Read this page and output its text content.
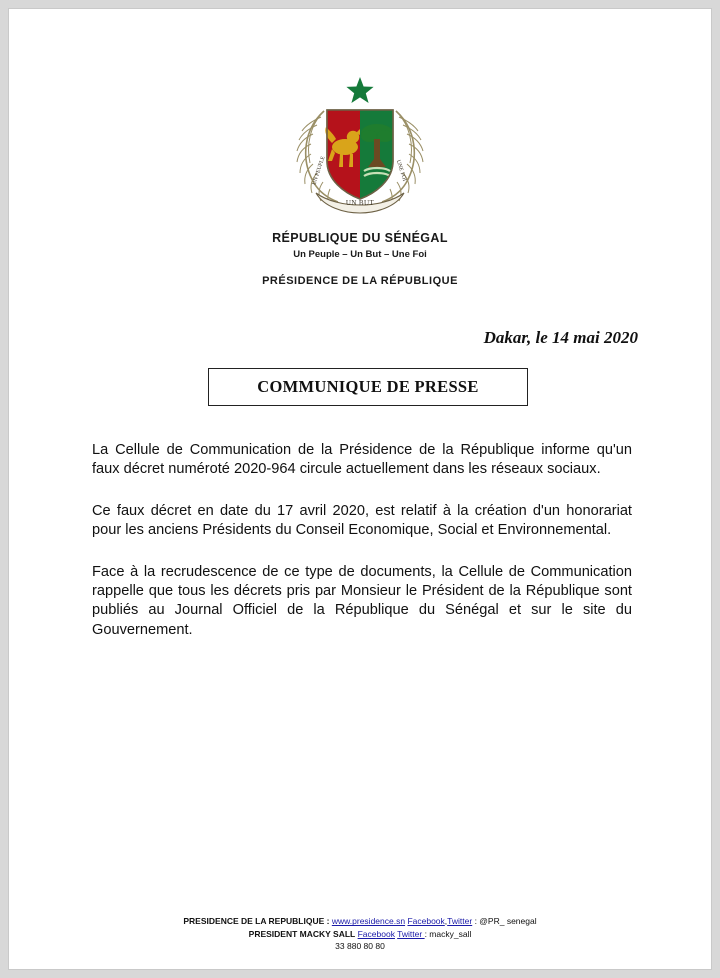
UN BUT
UN PEUPLE	UNE FOI
RÉPUBLIQUE DU SÉNÉGAL
Un Peuple – Un But – Une Foi
PRÉSIDENCE DE LA RÉPUBLIQUE
Dakar, le 14 mai 2020
COMMUNIQUE DE PRESSE

La Cellule de Communication de la Présidence de la République informe qu'un faux décret numéroté 2020-964 circule actuellement dans les réseaux sociaux.

Ce faux décret en date du 17 avril 2020, est relatif à la création d'un honorariat pour les anciens Présidents du Conseil Economique, Social et Environnemental.

Face à la recrudescence de ce type de documents, la Cellule de Communication rappelle que tous les décrets pris par Monsieur le Président de la République sont publiés au Journal Officiel de la République du Sénégal et sur le site du Gouvernement.

PRESIDENCE DE LA REPUBLIQUE : www.presidence.sn Facebook,Twitter : @PR_ senegal
PRESIDENT MACKY SALL Facebook Twitter : macky_sall
33 880 80 80
